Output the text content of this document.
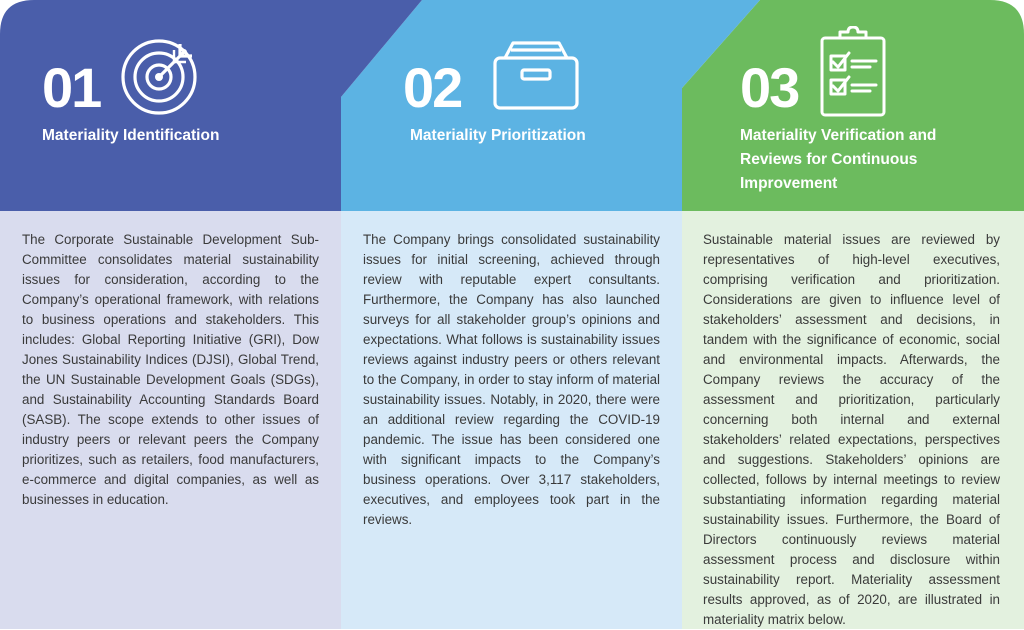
01
Materiality Identification

The Corporate Sustainable Development Sub-Committee consolidates material sustainability issues for consideration, according to the Company’s operational framework, with relations to business operations and stakeholders. This includes: Global Reporting Initiative (GRI), Dow Jones Sustainability Indices (DJSI), Global Trend, the UN Sustainable Development Goals (SDGs), and Sustainability Accounting Standards Board (SASB). The scope extends to other issues of industry peers or relevant peers the Company prioritizes, such as retailers, food manufacturers, e-commerce and digital companies, as well as businesses in education.

02
Materiality Prioritization

The Company brings consolidated sustainability issues for initial screening, achieved through review with reputable expert consultants. Furthermore, the Company has also launched surveys for all stakeholder group’s opinions and expectations. What follows is sustainability issues reviews against industry peers or others relevant to the Company, in order to stay inform of material sustainability issues. Notably, in 2020, there were an additional review regarding the COVID-19 pandemic. The issue has been considered one with significant impacts to the Company’s business operations. Over 3,117 stakeholders, executives, and employees took part in the reviews.

03
Materiality Verification and Reviews for Continuous Improvement

Sustainable material issues are reviewed by representatives of high-level executives, comprising verification and prioritization. Considerations are given to influence level of stakeholders’ assessment and decisions, in tandem with the significance of economic, social and environmental impacts. Afterwards, the Company reviews the accuracy of the assessment and prioritization, particularly concerning both internal and external stakeholders’ related expectations, perspectives and suggestions. Stakeholders’ opinions are collected, follows by internal meetings to review substantiating information regarding material sustainability issues. Furthermore, the Board of Directors continuously reviews material assessment process and disclosure within sustainability report. Materiality assessment results approved, as of 2020, are illustrated in materiality matrix below.
